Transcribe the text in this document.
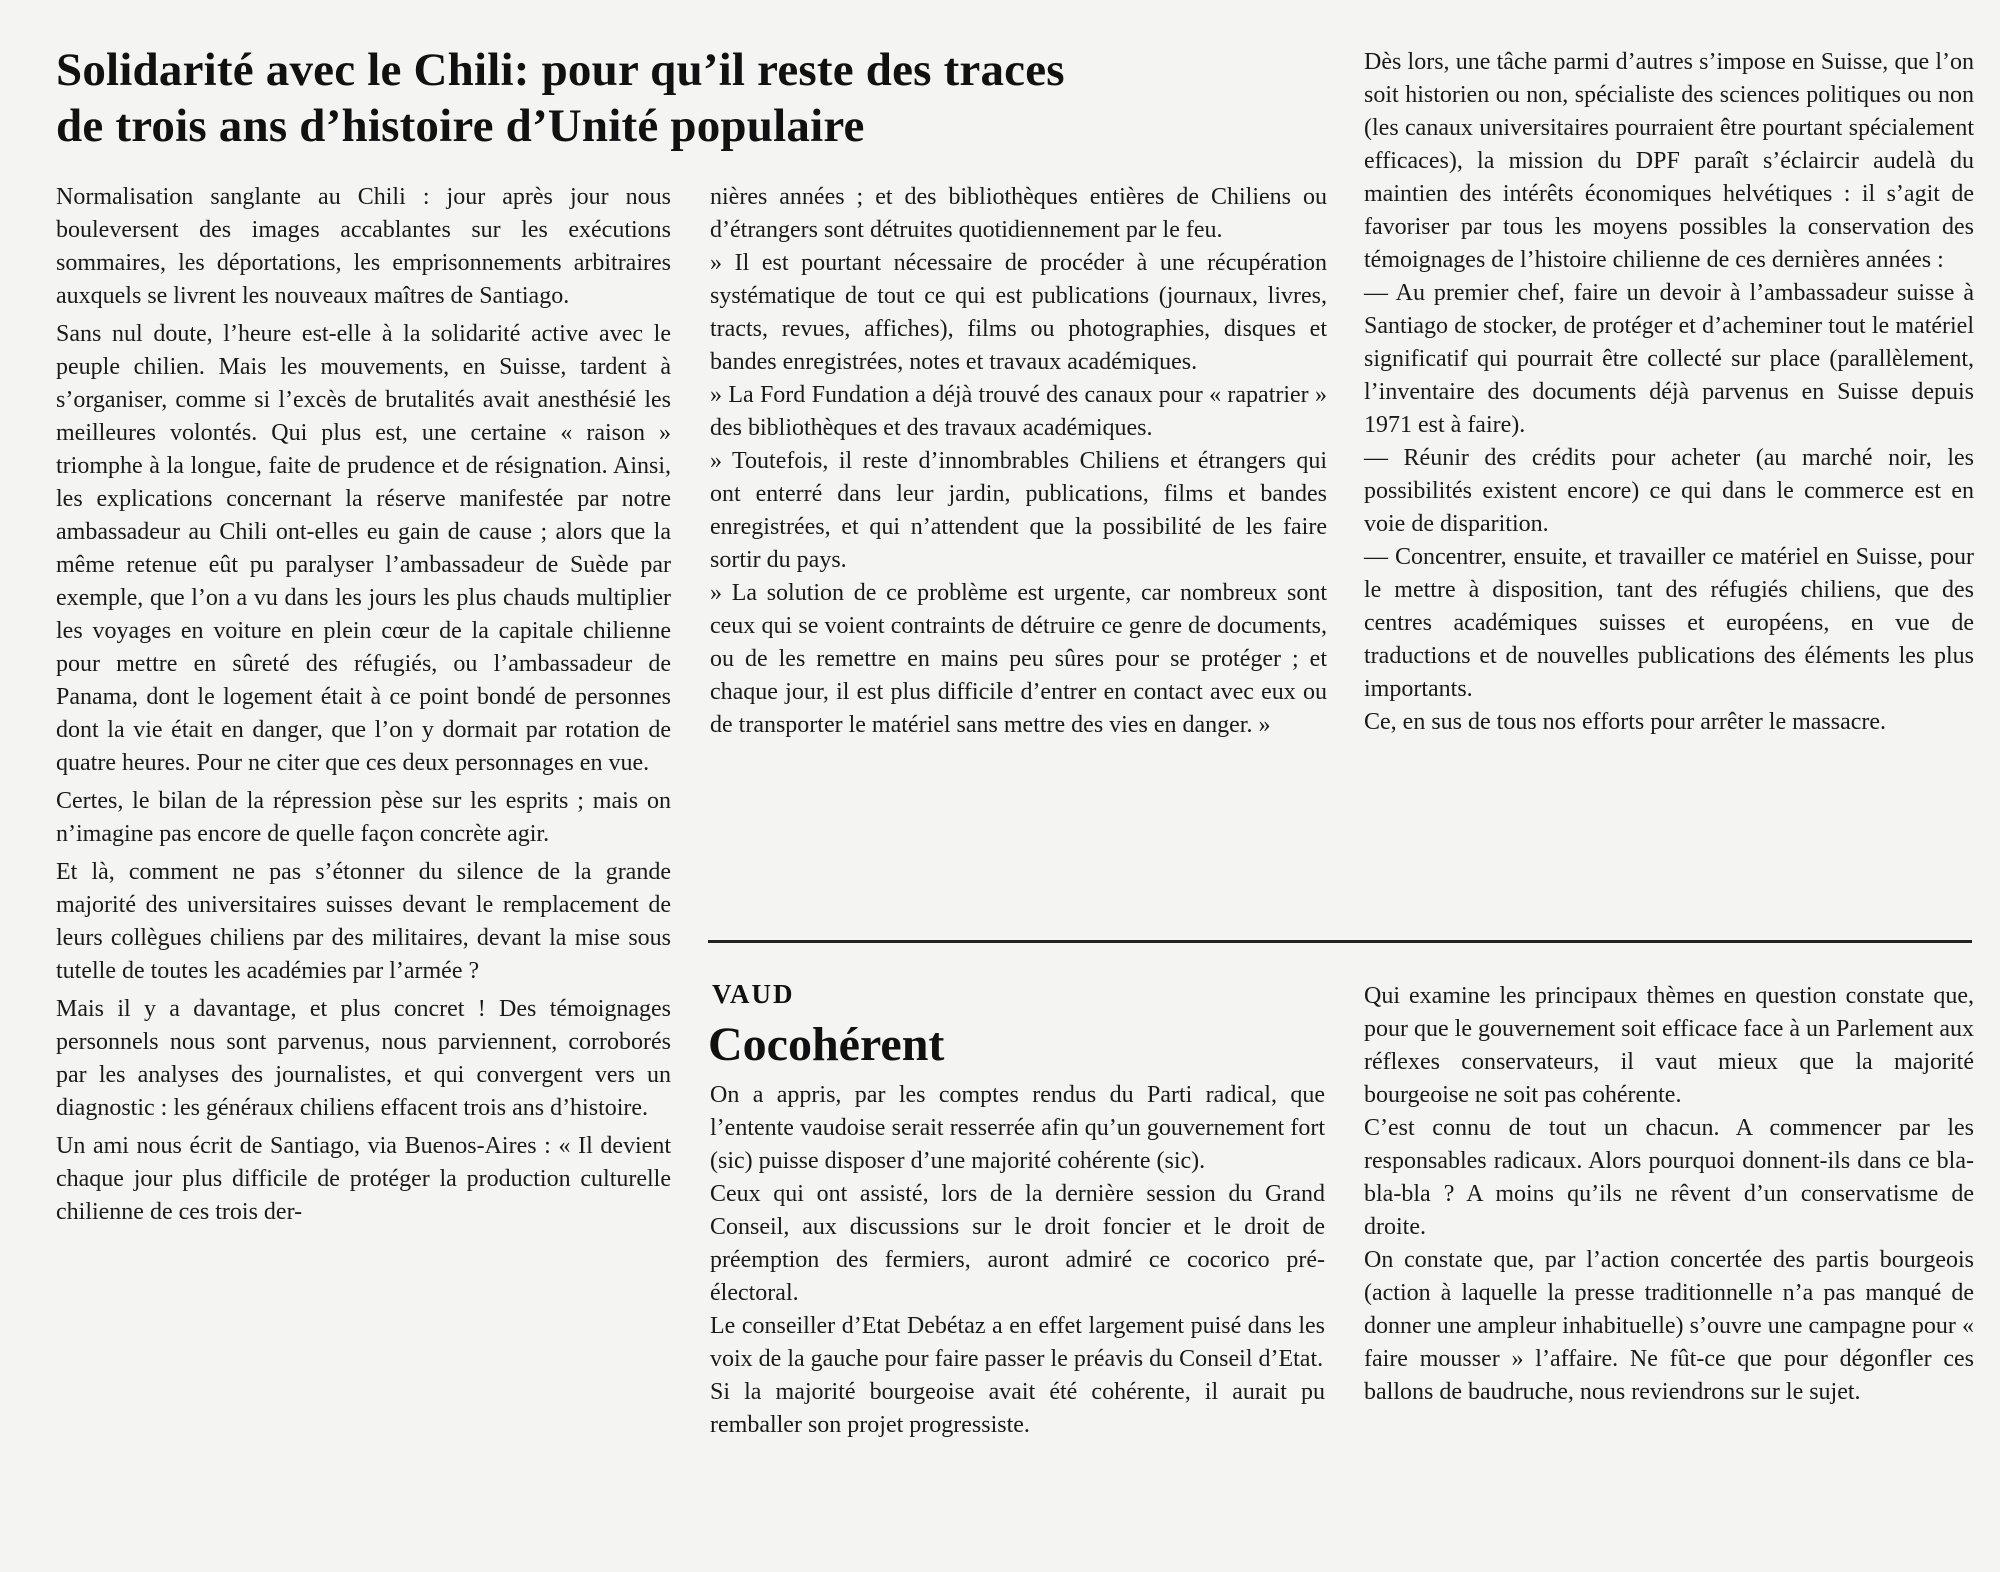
Solidarité avec le Chili: pour qu’il reste des traces
de trois ans d’histoire d’Unité populaire

Normalisation sanglante au Chili : jour après jour nous bouleversent des images accablantes sur les exécutions sommaires, les déportations, les emprisonnements arbitraires auxquels se livrent les nouveaux maîtres de Santiago.

Sans nul doute, l’heure est-elle à la solidarité active avec le peuple chilien. Mais les mouvements, en Suisse, tardent à s’organiser, comme si l’excès de brutalités avait anesthésié les meilleures volontés. Qui plus est, une certaine « raison » triomphe à la longue, faite de prudence et de résignation. Ainsi, les explications concernant la réserve manifestée par notre ambassadeur au Chili ont-elles eu gain de cause ; alors que la même retenue eût pu paralyser l’ambassadeur de Suède par exemple, que l’on a vu dans les jours les plus chauds multiplier les voyages en voiture en plein cœur de la capitale chilienne pour mettre en sûreté des réfugiés, ou l’ambassadeur de Panama, dont le logement était à ce point bondé de personnes dont la vie était en danger, que l’on y dormait par rotation de quatre heures. Pour ne citer que ces deux personnages en vue.

Certes, le bilan de la répression pèse sur les esprits ; mais on n’imagine pas encore de quelle façon concrète agir.

Et là, comment ne pas s’étonner du silence de la grande majorité des universitaires suisses devant le remplacement de leurs collègues chiliens par des militaires, devant la mise sous tutelle de toutes les académies par l’armée ?

Mais il y a davantage, et plus concret ! Des témoignages personnels nous sont parvenus, nous parviennent, corroborés par les analyses des journalistes, et qui convergent vers un diagnostic : les généraux chiliens effacent trois ans d’histoire.

Un ami nous écrit de Santiago, via Buenos-Aires : « Il devient chaque jour plus difficile de protéger la production culturelle chilienne de ces trois der-

nières années ; et des bibliothèques entières de Chiliens ou d’étrangers sont détruites quotidiennement par le feu.

» Il est pourtant nécessaire de procéder à une récupération systématique de tout ce qui est publications (journaux, livres, tracts, revues, affiches), films ou photographies, disques et bandes enregistrées, notes et travaux académiques.

» La Ford Fundation a déjà trouvé des canaux pour « rapatrier » des bibliothèques et des travaux académiques.

» Toutefois, il reste d’innombrables Chiliens et étrangers qui ont enterré dans leur jardin, publications, films et bandes enregistrées, et qui n’attendent que la possibilité de les faire sortir du pays.

» La solution de ce problème est urgente, car nombreux sont ceux qui se voient contraints de détruire ce genre de documents, ou de les remettre en mains peu sûres pour se protéger ; et chaque jour, il est plus difficile d’entrer en contact avec eux ou de transporter le matériel sans mettre des vies en danger. »

Dès lors, une tâche parmi d’autres s’impose en Suisse, que l’on soit historien ou non, spécialiste des sciences politiques ou non (les canaux universitaires pourraient être pourtant spécialement efficaces), la mission du DPF paraît s’éclaircir audelà du maintien des intérêts économiques helvétiques : il s’agit de favoriser par tous les moyens possibles la conservation des témoignages de l’histoire chilienne de ces dernières années :

— Au premier chef, faire un devoir à l’ambassadeur suisse à Santiago de stocker, de protéger et d’acheminer tout le matériel significatif qui pourrait être collecté sur place (parallèlement, l’inventaire des documents déjà parvenus en Suisse depuis 1971 est à faire).

— Réunir des crédits pour acheter (au marché noir, les possibilités existent encore) ce qui dans le commerce est en voie de disparition.

— Concentrer, ensuite, et travailler ce matériel en Suisse, pour le mettre à disposition, tant des réfugiés chiliens, que des centres académiques suisses et européens, en vue de traductions et de nouvelles publications des éléments les plus importants.

Ce, en sus de tous nos efforts pour arrêter le massacre.

VAUD
Cocohérent

On a appris, par les comptes rendus du Parti radical, que l’entente vaudoise serait resserrée afin qu’un gouvernement fort (sic) puisse disposer d’une majorité cohérente (sic).

Ceux qui ont assisté, lors de la dernière session du Grand Conseil, aux discussions sur le droit foncier et le droit de préemption des fermiers, auront admiré ce cocorico pré-électoral.

Le conseiller d’Etat Debétaz a en effet largement puisé dans les voix de la gauche pour faire passer le préavis du Conseil d’Etat.

Si la majorité bourgeoise avait été cohérente, il aurait pu remballer son projet progressiste.

Qui examine les principaux thèmes en question constate que, pour que le gouvernement soit efficace face à un Parlement aux réflexes conservateurs, il vaut mieux que la majorité bourgeoise ne soit pas cohérente.

C’est connu de tout un chacun. A commencer par les responsables radicaux. Alors pourquoi donnent-ils dans ce bla-bla-bla ? A moins qu’ils ne rêvent d’un conservatisme de droite.

On constate que, par l’action concertée des partis bourgeois (action à laquelle la presse traditionnelle n’a pas manqué de donner une ampleur inhabituelle) s’ouvre une campagne pour « faire mousser » l’affaire. Ne fût-ce que pour dégonfler ces ballons de baudruche, nous reviendrons sur le sujet.
